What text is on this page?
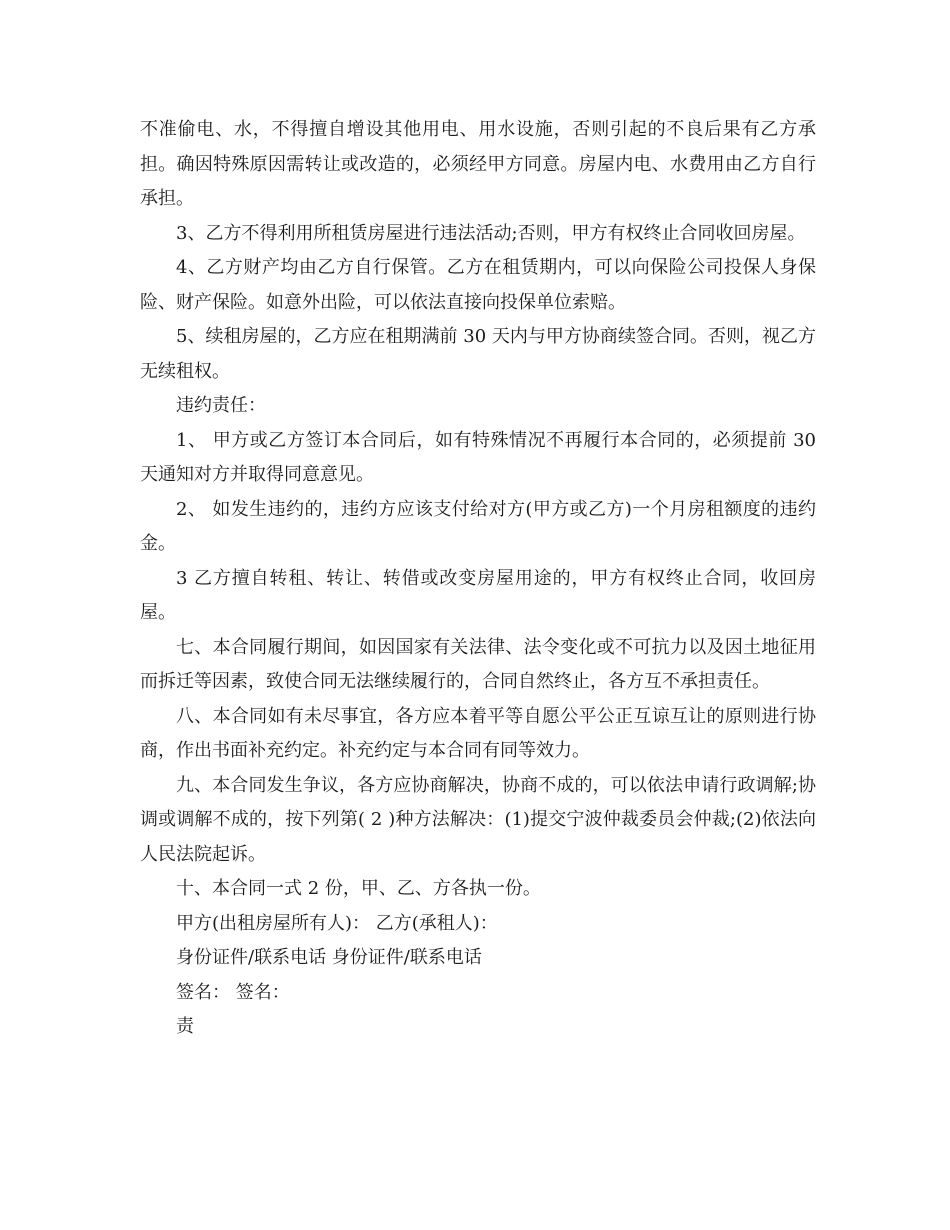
不准偷电、水，不得擅自增设其他用电、用水设施，否则引起的不良后果有乙方承担。确因特殊原因需转让或改造的，必须经甲方同意。房屋内电、水费用由乙方自行承担。

3、乙方不得利用所租赁房屋进行违法活动;否则，甲方有权终止合同收回房屋。

4、乙方财产均由乙方自行保管。乙方在租赁期内，可以向保险公司投保人身保险、财产保险。如意外出险，可以依法直接向投保单位索赔。

5、续租房屋的，乙方应在租期满前 30 天内与甲方协商续签合同。否则，视乙方无续租权。

违约责任：

1、 甲方或乙方签订本合同后，如有特殊情况不再履行本合同的，必须提前 30 天通知对方并取得同意意见。

2、 如发生违约的，违约方应该支付给对方(甲方或乙方)一个月房租额度的违约金。

3 乙方擅自转租、转让、转借或改变房屋用途的，甲方有权终止合同，收回房屋。

七、本合同履行期间，如因国家有关法律、法令变化或不可抗力以及因土地征用而拆迁等因素，致使合同无法继续履行的，合同自然终止，各方互不承担责任。

八、本合同如有未尽事宜，各方应本着平等自愿公平公正互谅互让的原则进行协商，作出书面补充约定。补充约定与本合同有同等效力。

九、本合同发生争议，各方应协商解决，协商不成的，可以依法申请行政调解;协调或调解不成的，按下列第( 2 )种方法解决：(1)提交宁波仲裁委员会仲裁;(2)依法向人民法院起诉。

十、本合同一式 2 份，甲、乙、方各执一份。

甲方(出租房屋所有人)： 乙方(承租人)：

身份证件/联系电话 身份证件/联系电话

签名： 签名：

责
